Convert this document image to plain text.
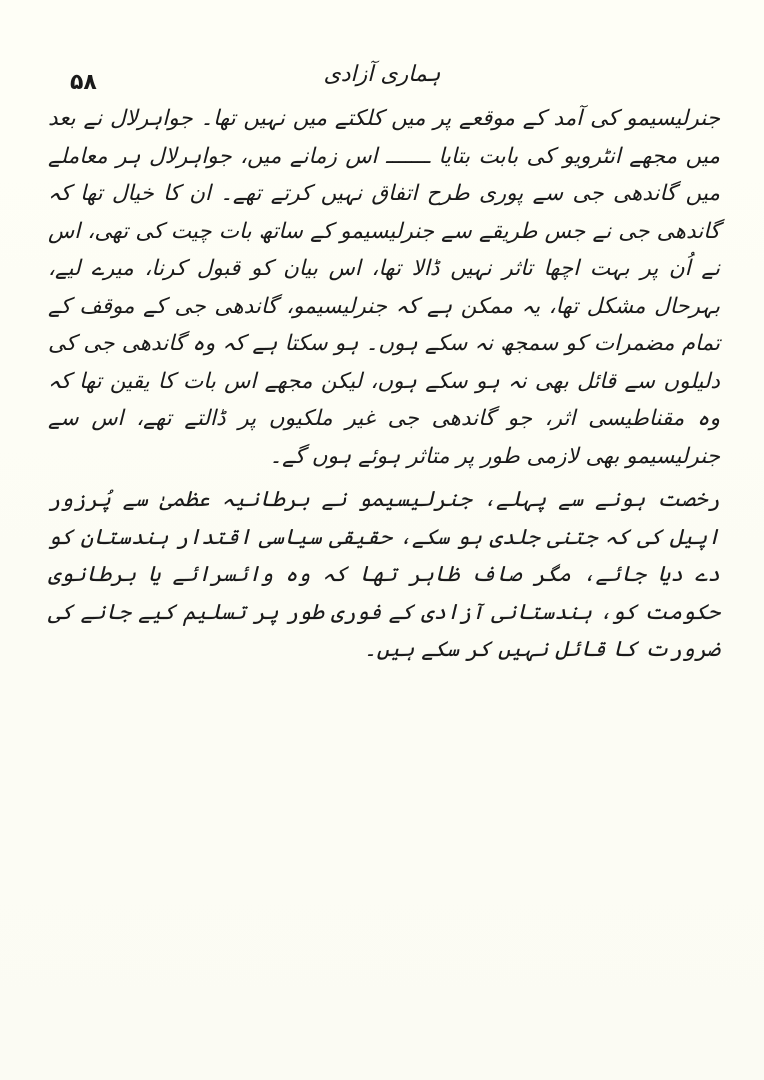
۵۸	ہماری آزادی

جنرلیسیمو کی آمد کے موقعے پر میں کلکتے میں نہیں تھا۔ جواہرلال نے بعد میں مجھے انٹرویو کی بابت بتایا ـــــــ اس زمانے میں، جواہرلال ہر معاملے میں گاندھی جی سے پوری طرح اتفاق نہیں کرتے تھے۔ ان کا خیال تھا کہ گاندھی جی نے جس طریقے سے جنرلیسیمو کے ساتھ بات چیت کی تھی، اس نے اُن پر بہت اچھا تاثر نہیں ڈالا تھا، اس بیان کو قبول کرنا، میرے لیے، بہرحال مشکل تھا، یہ ممکن ہے کہ جنرلیسیمو، گاندھی جی کے موقف کے تمام مضمرات کو سمجھ نہ سکے ہوں۔ ہو سکتا ہے کہ وہ گاندھی جی کی دلیلوں سے قائل بھی نہ ہو سکے ہوں، لیکن مجھے اس بات کا یقین تھا کہ وہ مقناطیسی اثر، جو گاندھی جی غیر ملکیوں پر ڈالتے تھے، اس سے جنرلیسیمو بھی لازمی طور پر متاثر ہوئے ہوں گے۔

رخصت ہونے سے پہلے، جنرلیسیمو نے برطانیہ عظمیٰ سے پُرزور اپیل کی کہ جتنی جلدی ہو سکے، حقیقی سیاسی اقتدار ہندستان کو دے دیا جائے، مگر صاف ظاہر تھا کہ وہ وائسرائے یا برطانوی حکومت کو، ہندستانی آزادی کے فوری طور پر تسلیم کیے جانے کی ضرورت کا قائل نہیں کر سکے ہیں۔
